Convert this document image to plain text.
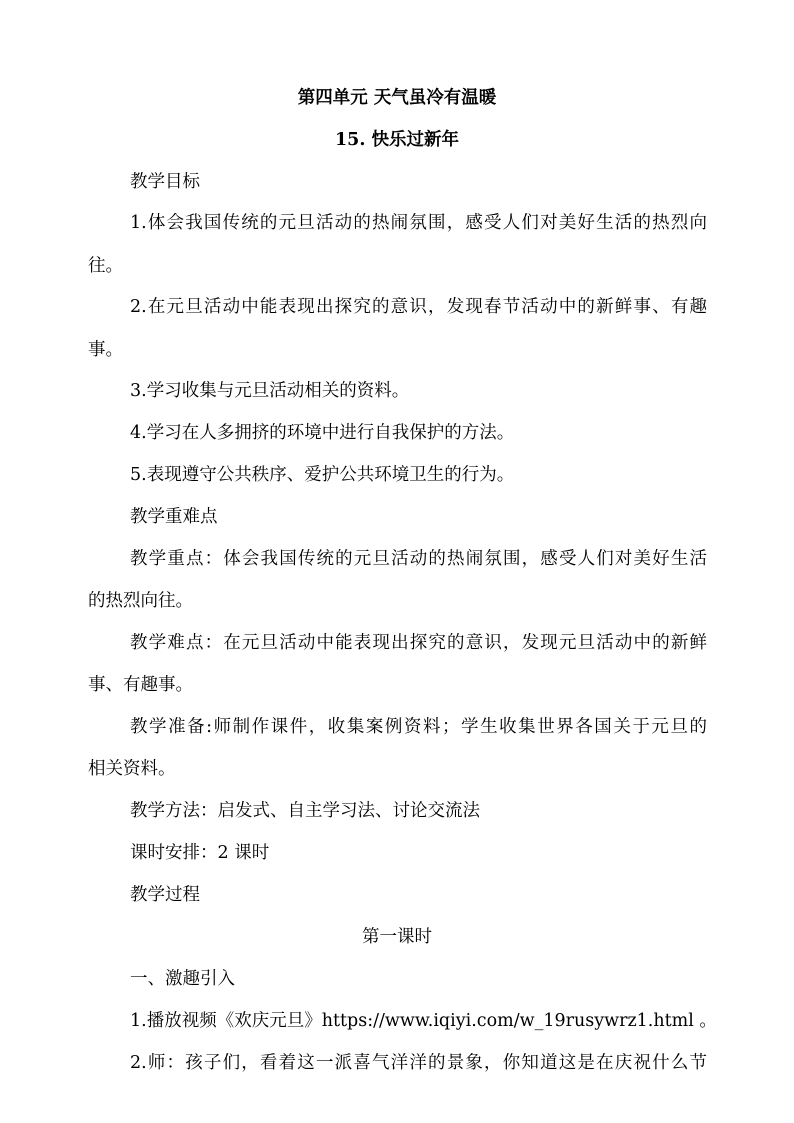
第四单元 天气虽冷有温暖
15. 快乐过新年
教学目标
1.体会我国传统的元旦活动的热闹氛围，感受人们对美好生活的热烈向
往。
2.在元旦活动中能表现出探究的意识，发现春节活动中的新鲜事、有趣
事。
3.学习收集与元旦活动相关的资料。
4.学习在人多拥挤的环境中进行自我保护的方法。
5.表现遵守公共秩序、爱护公共环境卫生的行为。
教学重难点
教学重点：体会我国传统的元旦活动的热闹氛围，感受人们对美好生活
的热烈向往。
教学难点：在元旦活动中能表现出探究的意识，发现元旦活动中的新鲜
事、有趣事。
教学准备:师制作课件，收集案例资料；学生收集世界各国关于元旦的
相关资料。
教学方法：启发式、自主学习法、讨论交流法
课时安排：2 课时
教学过程
第一课时
一、激趣引入
1.播放视频《欢庆元旦》https://www.iqiyi.com/w_19rusywrz1.html 。
2.师：孩子们，看着这一派喜气洋洋的景象，你知道这是在庆祝什么节
